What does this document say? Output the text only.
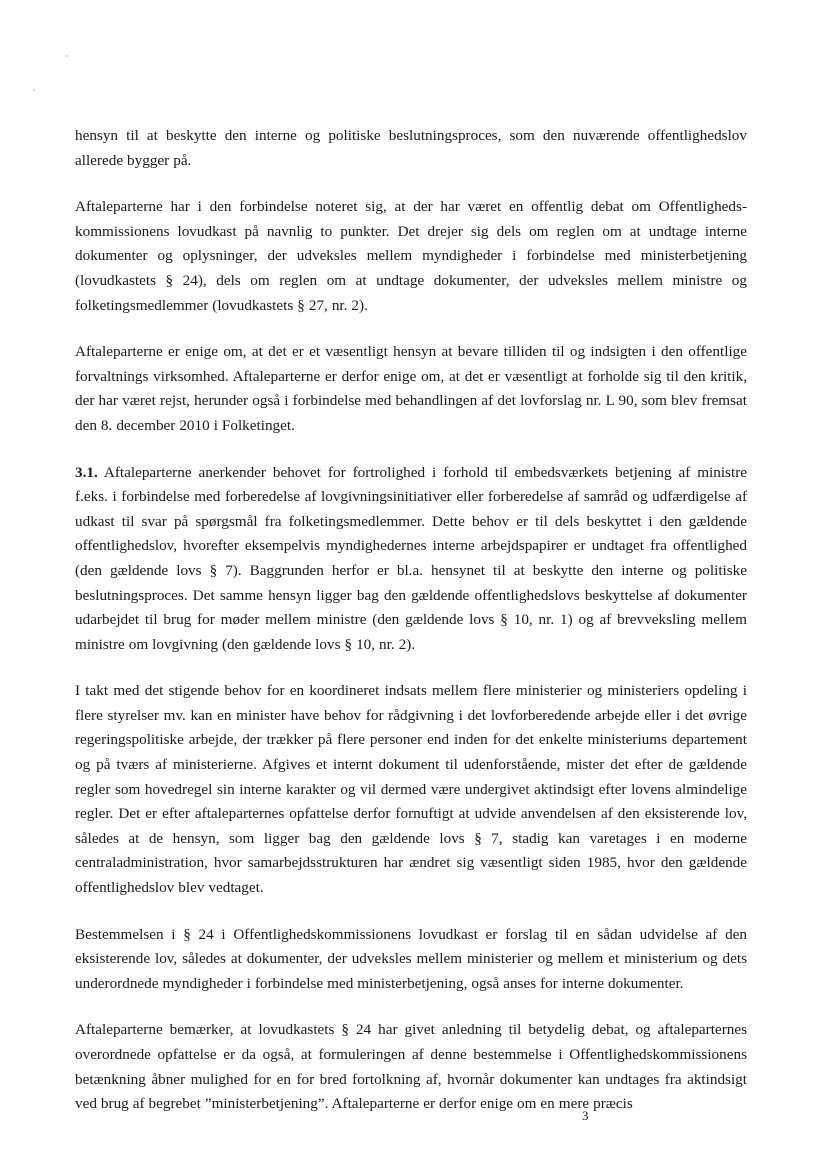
hensyn til at beskytte den interne og politiske beslutningsproces, som den nuværende offentlighedslov allerede bygger på.

Aftaleparterne har i den forbindelse noteret sig, at der har været en offentlig debat om Offentlighedskommissionens lovudkast på navnlig to punkter. Det drejer sig dels om reglen om at undtage interne dokumenter og oplysninger, der udveksles mellem myndigheder i forbindelse med ministerbetjening (lovudkastets § 24), dels om reglen om at undtage dokumenter, der udveksles mellem ministre og folketingsmedlemmer (lovudkastets § 27, nr. 2).

Aftaleparterne er enige om, at det er et væsentligt hensyn at bevare tilliden til og indsigten i den offentlige forvaltnings virksomhed. Aftaleparterne er derfor enige om, at det er væsentligt at forholde sig til den kritik, der har været rejst, herunder også i forbindelse med behandlingen af det lovforslag nr. L 90, som blev fremsat den 8. december 2010 i Folketinget.

3.1. Aftaleparterne anerkender behovet for fortrolighed i forhold til embedsværkets betjening af ministre f.eks. i forbindelse med forberedelse af lovgivningsinitiativer eller forberedelse af samråd og udfærdigelse af udkast til svar på spørgsmål fra folketingsmedlemmer. Dette behov er til dels beskyttet i den gældende offentlighedslov, hvorefter eksempelvis myndighedernes interne arbejdspapirer er undtaget fra offentlighed (den gældende lovs § 7). Baggrunden herfor er bl.a. hensynet til at beskytte den interne og politiske beslutningsproces. Det samme hensyn ligger bag den gældende offentlighedslovs beskyttelse af dokumenter udarbejdet til brug for møder mellem ministre (den gældende lovs § 10, nr. 1) og af brevveksling mellem ministre om lovgivning (den gældende lovs § 10, nr. 2).

I takt med det stigende behov for en koordineret indsats mellem flere ministerier og ministeriers opdeling i flere styrelser mv. kan en minister have behov for rådgivning i det lovforberedende arbejde eller i det øvrige regeringspolitiske arbejde, der trækker på flere personer end inden for det enkelte ministeriums departement og på tværs af ministerierne. Afgives et internt dokument til udenforstående, mister det efter de gældende regler som hovedregel sin interne karakter og vil dermed være undergivet aktindsigt efter lovens almindelige regler. Det er efter aftaleparternes opfattelse derfor fornuftigt at udvide anvendelsen af den eksisterende lov, således at de hensyn, som ligger bag den gældende lovs § 7, stadig kan varetages i en moderne centraladministration, hvor samarbejdsstrukturen har ændret sig væsentligt siden 1985, hvor den gældende offentlighedslov blev vedtaget.

Bestemmelsen i § 24 i Offentlighedskommissionens lovudkast er forslag til en sådan udvidelse af den eksisterende lov, således at dokumenter, der udveksles mellem ministerier og mellem et ministerium og dets underordnede myndigheder i forbindelse med ministerbetjening, også anses for interne dokumenter.

Aftaleparterne bemærker, at lovudkastets § 24 har givet anledning til betydelig debat, og aftaleparternes overordnede opfattelse er da også, at formuleringen af denne bestemmelse i Offentlighedskommissionens betænkning åbner mulighed for en for bred fortolkning af, hvornår dokumenter kan undtages fra aktindsigt ved brug af begrebet ”ministerbetjening”. Aftaleparterne er derfor enige om en mere præcis

3
